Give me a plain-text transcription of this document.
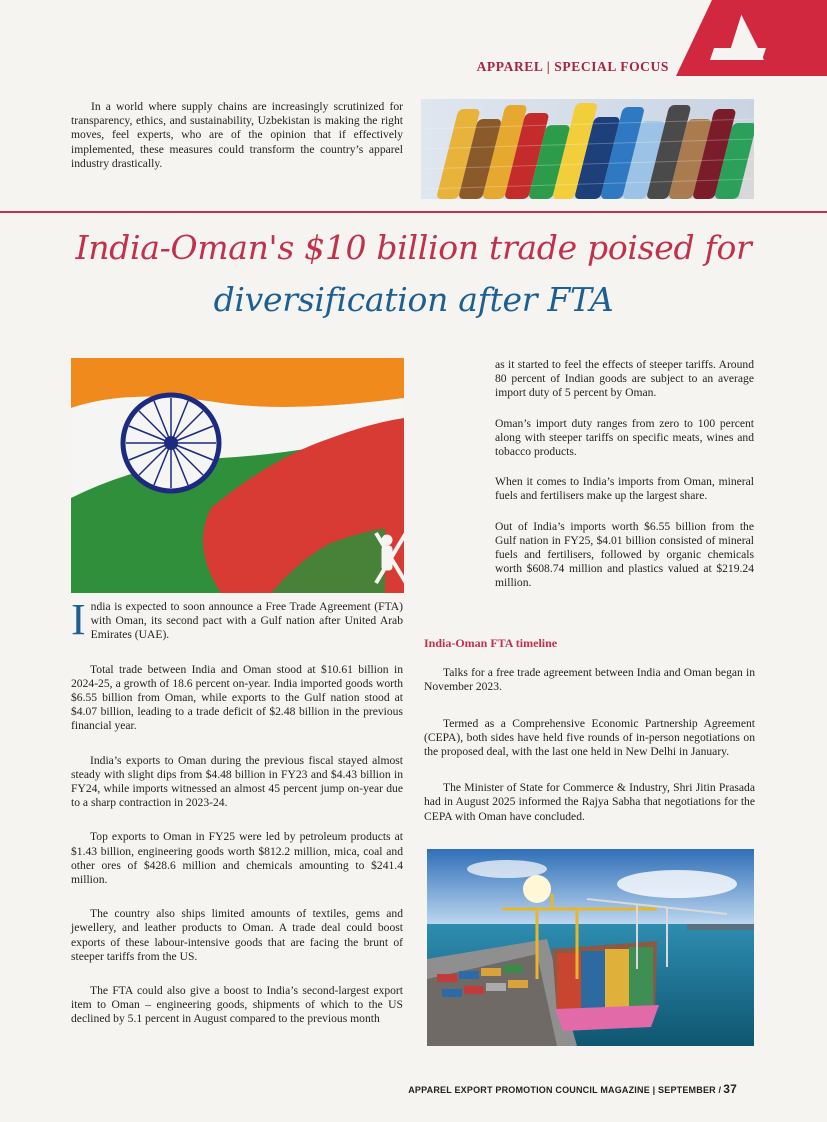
APPAREL | SPECIAL FOCUS

In a world where supply chains are increasingly scrutinized for transparency, ethics, and sustainability, Uzbekistan is making the right moves, feel experts, who are of the opinion that if effectively implemented, these measures could transform the country’s apparel industry drastically.

India-Oman's $10 billion trade poised for
diversification after FTA

India is expected to soon announce a Free Trade Agreement (FTA) with Oman, its second pact with a Gulf nation after United Arab Emirates (UAE).

Total trade between India and Oman stood at $10.61 billion in 2024-25, a growth of 18.6 percent on-year. India imported goods worth $6.55 billion from Oman, while exports to the Gulf nation stood at $4.07 billion, leading to a trade deficit of $2.48 billion in the previous financial year.

India’s exports to Oman during the previous fiscal stayed almost steady with slight dips from $4.48 billion in FY23 and $4.43 billion in FY24, while imports witnessed an almost 45 percent jump on-year due to a sharp contraction in 2023-24.

Top exports to Oman in FY25 were led by petroleum products at $1.43 billion, engineering goods worth $812.2 million, mica, coal and other ores of $428.6 million and chemicals amounting to $241.4 million.

The country also ships limited amounts of textiles, gems and jewellery, and leather products to Oman. A trade deal could boost exports of these labour-intensive goods that are facing the brunt of steeper tariffs from the US.

The FTA could also give a boost to India’s second-largest export item to Oman – engineering goods, shipments of which to the US declined by 5.1 percent in August compared to the previous month

as it started to feel the effects of steeper tariffs. Around 80 percent of Indian goods are subject to an average import duty of 5 percent by Oman.

Oman’s import duty ranges from zero to 100 percent along with steeper tariffs on specific meats, wines and tobacco products.

When it comes to India’s imports from Oman, mineral fuels and fertilisers make up the largest share.

Out of India’s imports worth $6.55 billion from the Gulf nation in FY25, $4.01 billion consisted of mineral fuels and fertilisers, followed by organic chemicals worth $608.74 million and plastics valued at $219.24 million.

India-Oman FTA timeline

Talks for a free trade agreement between India and Oman began in November 2023.

Termed as a Comprehensive Economic Partnership Agreement (CEPA), both sides have held five rounds of in-person negotiations on the proposed deal, with the last one held in New Delhi in January.

The Minister of State for Commerce & Industry, Shri Jitin Prasada had in August 2025 informed the Rajya Sabha that negotiations for the CEPA with Oman have concluded.

APPAREL EXPORT PROMOTION COUNCIL MAGAZINE | SEPTEMBER / 37
